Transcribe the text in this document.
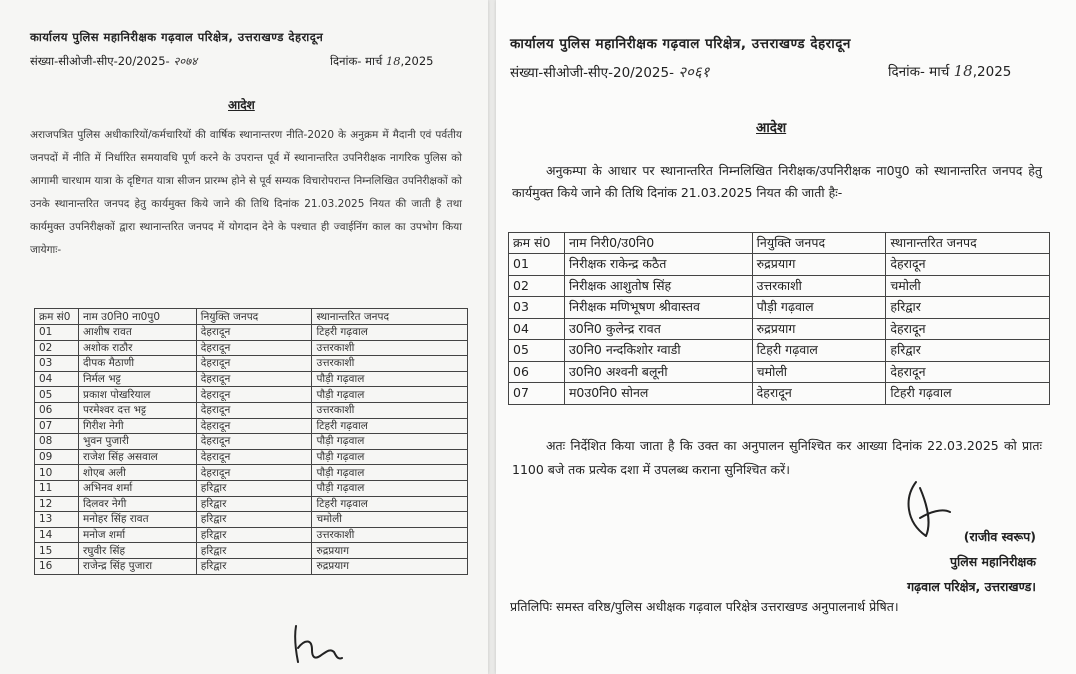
कार्यालय पुलिस महानिरीक्षक गढ़वाल परिक्षेत्र, उत्तराखण्ड देहरादून
संख्या-सीओजी-सीए-20/2025- २०७४	दिनांक- मार्च 18,2025
आदेश
अराजपत्रित पुलिस अधीकारियों/कर्मचारियों की वार्षिक स्थानान्तरण नीति-2020 के अनुक्रम में मैदानी एवं पर्वतीय जनपदों में नीति में निर्धारित समयावधि पूर्ण करने के उपरान्त पूर्व में स्थानान्तरित उपनिरीक्षक नागरिक पुलिस को आगामी चारधाम यात्रा के दृष्टिगत यात्रा सीजन प्रारम्भ होने से पूर्व सम्यक विचारोपरान्त निम्नलिखित उपनिरीक्षकों को उनके स्थानान्तरित जनपद हेतु कार्यमुक्त किये जाने की तिथि दिनांक 21.03.2025 नियत की जाती है तथा कार्यमुक्त उपनिरीक्षकों द्वारा स्थानान्तरित जनपद में योगदान देने के पश्चात ही ज्वाईनिंग काल का उपभोग किया जायेगाः-
क्रम सं0	नाम उ0नि0 ना0पु0	नियुक्ति जनपद	स्थानान्तरित जनपद
01	आशीष रावत	देहरादून	टिहरी गढ़वाल
02	अशोक राठौर	देहरादून	उत्तरकाशी
03	दीपक मैठाणी	देहरादून	उत्तरकाशी
04	निर्मल भट्ट	देहरादून	पौड़ी गढ़वाल
05	प्रकाश पोखरियाल	देहरादून	पौड़ी गढ़वाल
06	परमेश्वर दत्त भट्ट	देहरादून	उत्तरकाशी
07	गिरीश नेगी	देहरादून	टिहरी गढ़वाल
08	भुवन पुजारी	देहरादून	पौड़ी गढ़वाल
09	राजेश सिंह असवाल	देहरादून	पौड़ी गढ़वाल
10	शोएब अली	देहरादून	पौड़ी गढ़वाल
11	अभिनव शर्मा	हरिद्वार	पौड़ी गढ़वाल
12	दिलवर नेगी	हरिद्वार	टिहरी गढ़वाल
13	मनोहर सिंह रावत	हरिद्वार	चमोली
14	मनोज शर्मा	हरिद्वार	उत्तरकाशी
15	रघुवीर सिंह	हरिद्वार	रुद्रप्रयाग
16	राजेन्द्र सिंह पुजारा	हरिद्वार	रुद्रप्रयाग
कार्यालय पुलिस महानिरीक्षक गढ़वाल परिक्षेत्र, उत्तराखण्ड देहरादून
संख्या-सीओजी-सीए-20/2025- २०६१	दिनांक- मार्च 18,2025
आदेश
अनुकम्पा के आधार पर स्थानान्तरित निम्नलिखित निरीक्षक/उपनिरीक्षक ना0पु0 को स्थानान्तरित जनपद हेतु कार्यमुक्त किये जाने की तिथि दिनांक 21.03.2025 नियत की जाती हैः-
क्रम सं0	नाम निरी0/उ0नि0	नियुक्ति जनपद	स्थानान्तरित जनपद
01	निरीक्षक राकेन्द्र कठैत	रुद्रप्रयाग	देहरादून
02	निरीक्षक आशुतोष सिंह	उत्तरकाशी	चमोली
03	निरीक्षक मणिभूषण श्रीवास्तव	पौड़ी गढ़वाल	हरिद्वार
04	उ0नि0 कुलेन्द्र रावत	रुद्रप्रयाग	देहरादून
05	उ0नि0 नन्दकिशोर ग्वाडी	टिहरी गढ़वाल	हरिद्वार
06	उ0नि0 अश्वनी बलूनी	चमोली	देहरादून
07	म0उ0नि0 सोनल	देहरादून	टिहरी गढ़वाल
अतः निर्देशित किया जाता है कि उक्त का अनुपालन सुनिश्चित कर आख्या दिनांक 22.03.2025 को प्रातः 1100 बजे तक प्रत्येक दशा में उपलब्ध कराना सुनिश्चित करें।
(राजीव स्वरूप)
पुलिस महानिरीक्षक
गढ़वाल परिक्षेत्र, उत्तराखण्ड।
प्रतिलिपिः समस्त वरिष्ठ/पुलिस अधीक्षक गढ़वाल परिक्षेत्र उत्तराखण्ड अनुपालनार्थ प्रेषित।
